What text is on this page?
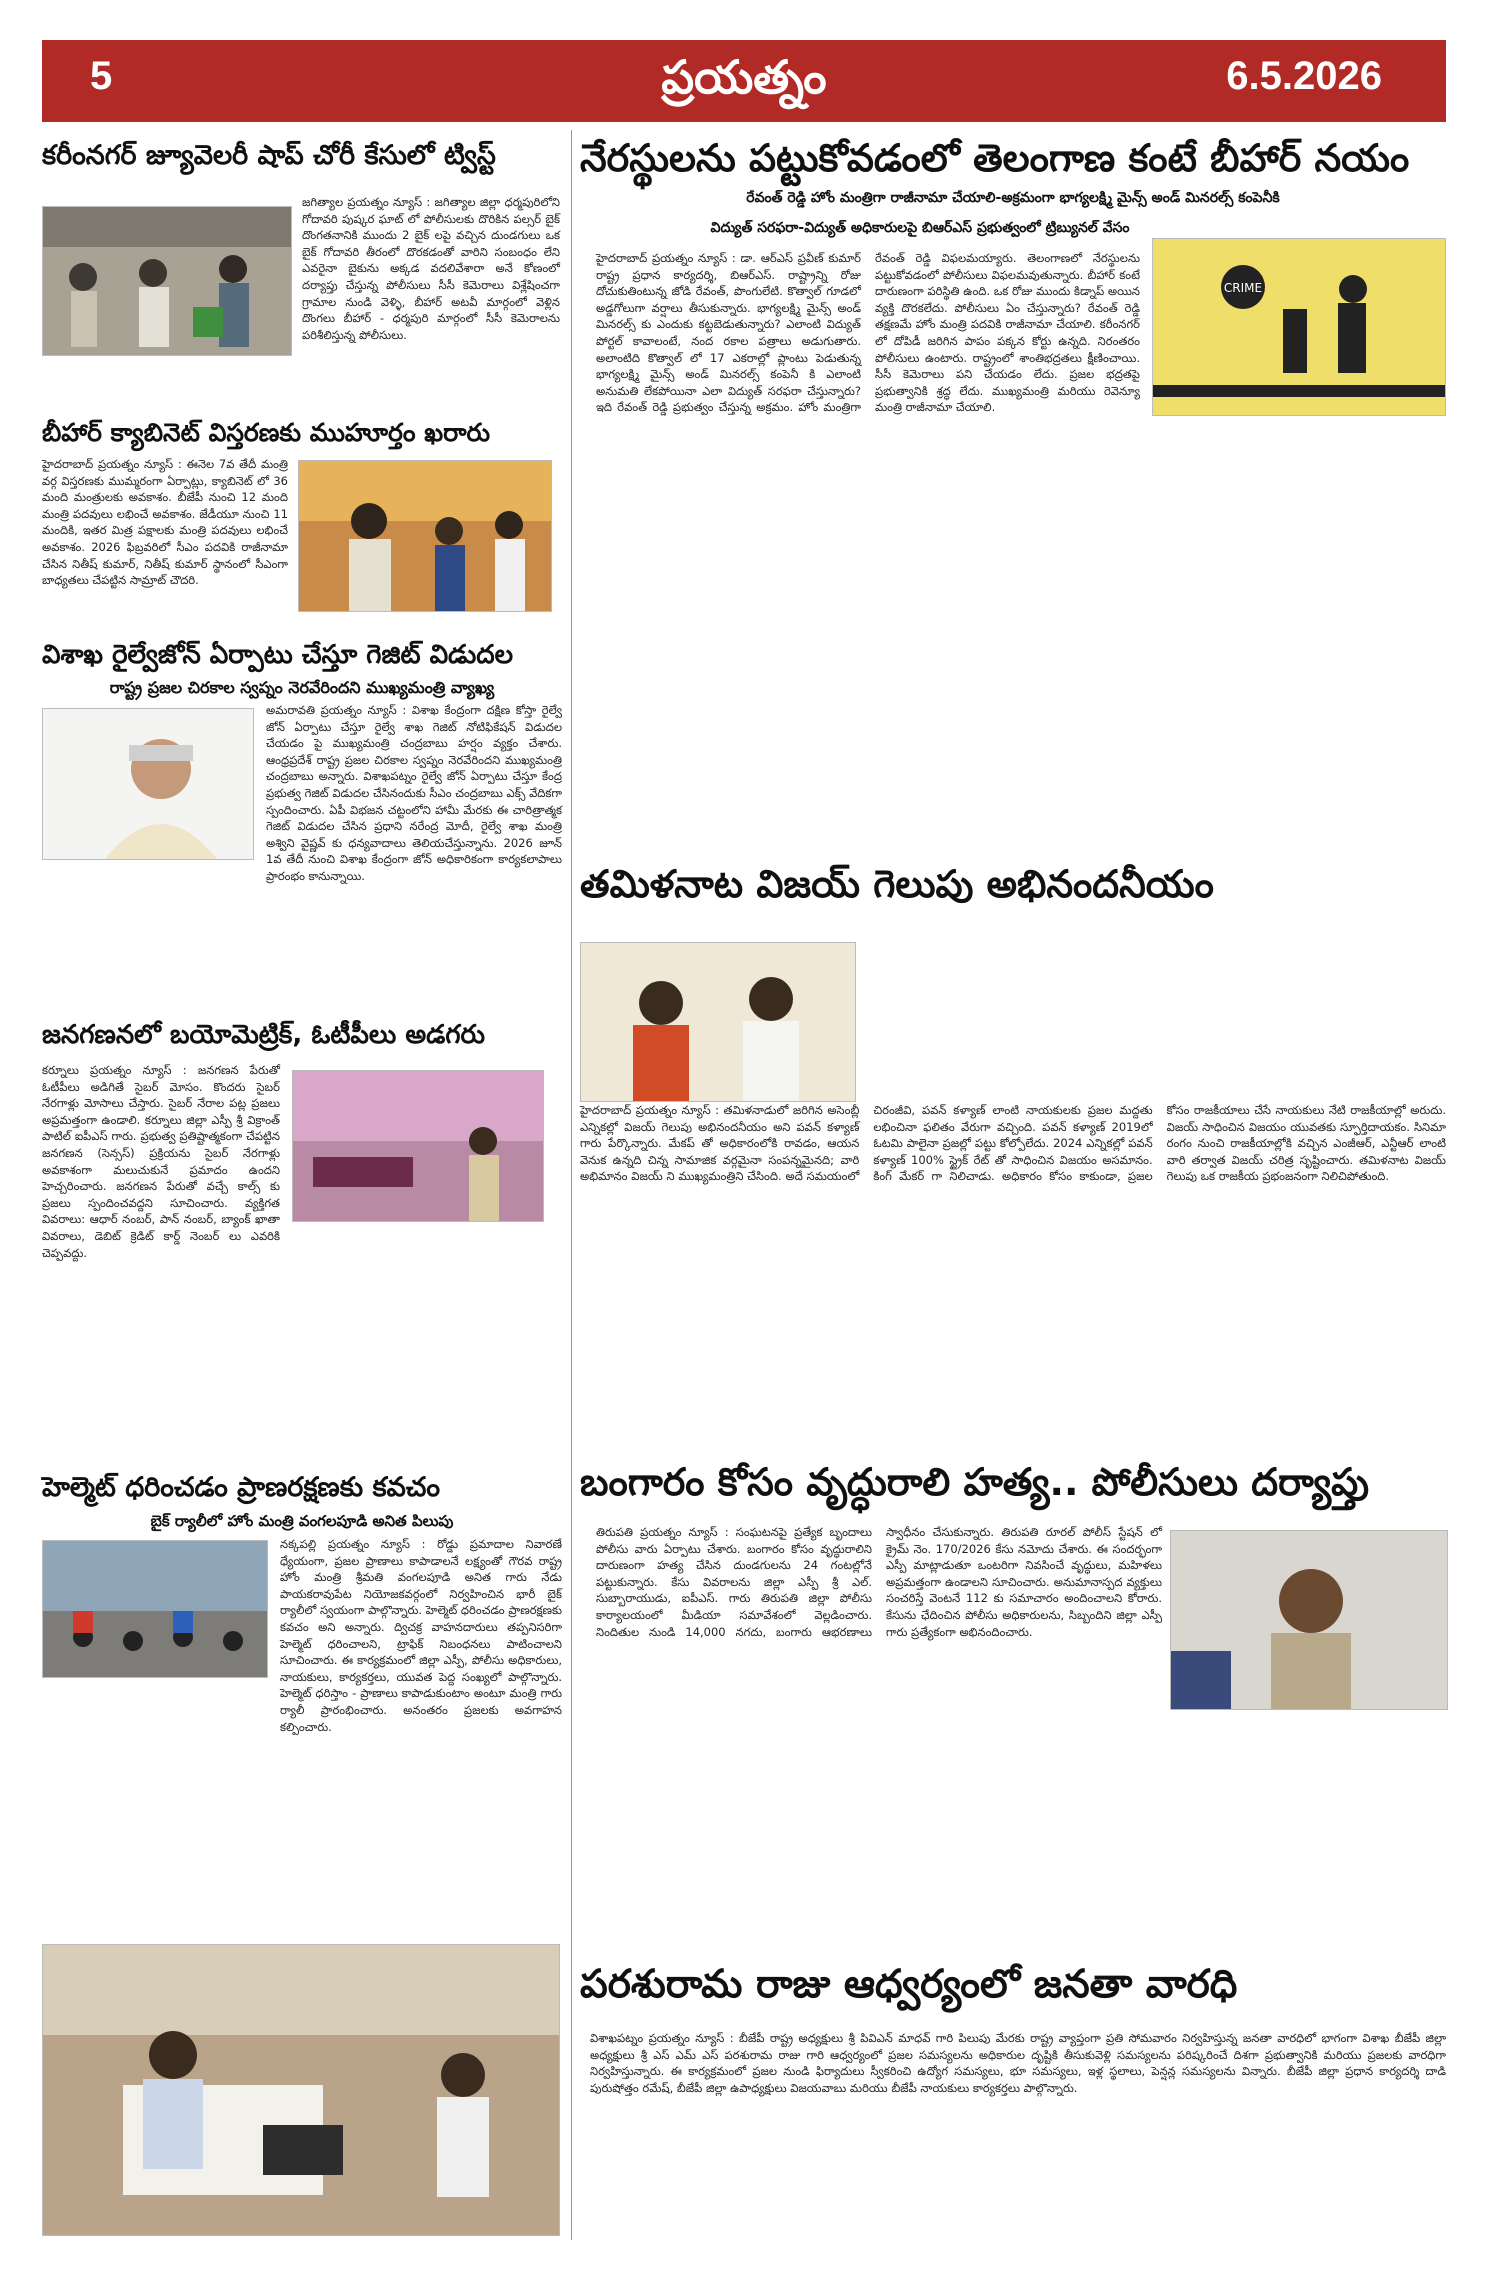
5	ప్రయత్నం	6.5.2026
కరీంనగర్ జ్యూవెలరీ షాప్ చోరీ కేసులో ట్విస్ట్
జగిత్యాల ప్రయత్నం న్యూస్ : జగిత్యాల జిల్లా ధర్మపురిలోని గోదావరి పుష్కర ఘాట్ లో పోలీసులకు దొరికిన పల్సర్ బైక్ దొంగతనానికి ముందు 2 బైక్ లపై వచ్చిన దుండగులు ఒక బైక్ గోదావరి తీరంలో దొరకడంతో వారిని సంబంధం లేని ఎవరైనా బైకును అక్కడ వదలివేశారా అనే కోణంలో దర్యాప్తు చేస్తున్న పోలీసులు సీసీ కెమెరాలు విశ్లేషించగా గ్రామాల నుండి వెళ్ళి, బీహార్ అటవీ మార్గంలో వెళ్లిన దొంగలు బీహార్ - ధర్మపురి మార్గంలో సీసీ కెమెరాలను పరిశీలిస్తున్న పోలీసులు.
బీహార్ క్యాబినెట్ విస్తరణకు ముహూర్తం ఖరారు
హైదరాబాద్ ప్రయత్నం న్యూస్ : ఈనెల 7వ తేదీ మంత్రి వర్గ విస్తరణకు ముమ్మరంగా ఏర్పాట్లు, క్యాబినెట్ లో 36 మంది మంత్రులకు అవకాశం. బీజేపీ నుంచి 12 మంది మంత్రి పదవులు లభించే అవకాశం. జేడీయూ నుంచి 11 మందికి, ఇతర మిత్ర పక్షాలకు మంత్రి పదవులు లభించే అవకాశం. 2026 ఫిబ్రవరిలో సీఎం పదవికి రాజీనామా చేసిన నితీష్ కుమార్, నితీష్ కుమార్ స్థానంలో సీఎంగా బాధ్యతలు చేపట్టిన సామ్రాట్ చౌదరి.
విశాఖ రైల్వేజోన్ ఏర్పాటు చేస్తూ గెజిట్ విడుదల
రాష్ట్ర ప్రజల చిరకాల స్వప్నం నెరవేరిందని ముఖ్యమంత్రి వ్యాఖ్య
అమరావతి ప్రయత్నం న్యూస్ : విశాఖ కేంద్రంగా దక్షిణ కోస్తా రైల్వే జోన్ ఏర్పాటు చేస్తూ రైల్వే శాఖ గెజిట్ నోటిఫికేషన్ విడుదల చేయడం పై ముఖ్యమంత్రి చంద్రబాబు హర్షం వ్యక్తం చేశారు. ఆంధ్రప్రదేశ్ రాష్ట్ర ప్రజల చిరకాల స్వప్నం నెరవేరిందని ముఖ్యమంత్రి చంద్రబాబు అన్నారు. విశాఖపట్నం రైల్వే జోన్ ఏర్పాటు చేస్తూ కేంద్ర ప్రభుత్వ గెజిట్ విడుదల చేసినందుకు సీఎం చంద్రబాబు ఎక్స్ వేదికగా స్పందించారు. ఏపీ విభజన చట్టంలోని హామీ మేరకు ఈ చారిత్రాత్మక గెజిట్ విడుదల చేసిన ప్రధాని నరేంద్ర మోదీ, రైల్వే శాఖ మంత్రి అశ్విని వైష్ణవ్ కు ధన్యవాదాలు తెలియచేస్తున్నాను. 2026 జూన్ 1వ తేదీ నుంచి విశాఖ కేంద్రంగా జోన్ అధికారికంగా కార్యకలాపాలు ప్రారంభం కానున్నాయి.
జనగణనలో బయోమెట్రిక్, ఓటీపీలు అడగరు
కర్నూలు ప్రయత్నం న్యూస్ : జనగణన పేరుతో ఓటీపీలు అడిగితే సైబర్ మోసం. కొందరు సైబర్ నేరగాళ్లు మోసాలు చేస్తారు. సైబర్ నేరాల పట్ల ప్రజలు అప్రమత్తంగా ఉండాలి. కర్నూలు జిల్లా ఎస్పీ శ్రీ విక్రాంత్ పాటిల్ ఐపీఎస్ గారు. ప్రభుత్వ ప్రతిష్టాత్మకంగా చేపట్టిన జనగణన (సెన్సస్) ప్రక్రియను సైబర్ నేరగాళ్లు అవకాశంగా మలుచుకునే ప్రమాదం ఉందని హెచ్చరించారు. జనగణన పేరుతో వచ్చే కాల్స్ కు ప్రజలు స్పందించవద్దని సూచించారు. వ్యక్తిగత వివరాలు: ఆధార్ నంబర్, పాన్ నంబర్, బ్యాంక్ ఖాతా వివరాలు, డెబిట్ క్రెడిట్ కార్డ్ నెంబర్ లు ఎవరికి చెప్పవద్దు.
హెల్మెట్ ధరించడం ప్రాణరక్షణకు కవచం
బైక్ ర్యాలీలో హోం మంత్రి వంగలపూడి అనిత పిలుపు
నక్కపల్లి ప్రయత్నం న్యూస్ : రోడ్డు ప్రమాదాల నివారణే ధ్యేయంగా, ప్రజల ప్రాణాలు కాపాడాలనే లక్ష్యంతో గౌరవ రాష్ట్ర హోం మంత్రి శ్రీమతి వంగలపూడి అనిత గారు నేడు పాయకరావుపేట నియోజకవర్గంలో నిర్వహించిన భారీ బైక్ ర్యాలీలో స్వయంగా పాల్గొన్నారు. హెల్మెట్ ధరించడం ప్రాణరక్షణకు కవచం అని అన్నారు. ద్విచక్ర వాహనదారులు తప్పనిసరిగా హెల్మెట్ ధరించాలని, ట్రాఫిక్ నిబంధనలు పాటించాలని సూచించారు. ఈ కార్యక్రమంలో జిల్లా ఎస్పీ, పోలీసు అధికారులు, నాయకులు, కార్యకర్తలు, యువత పెద్ద సంఖ్యలో పాల్గొన్నారు. హెల్మెట్ ధరిస్తాం - ప్రాణాలు కాపాడుకుంటాం అంటూ మంత్రి గారు ర్యాలీ ప్రారంభించారు. అనంతరం ప్రజలకు అవగాహన కల్పించారు.
నేరస్థులను పట్టుకోవడంలో తెలంగాణ కంటే బీహార్ నయం
రేవంత్ రెడ్డి హోం మంత్రిగా రాజీనామా చేయాలి-అక్రమంగా భాగ్యలక్ష్మి మైన్స్ అండ్ మినరల్స్ కంపెనీకి
విద్యుత్ సరఫరా-విద్యుత్ అధికారులపై బిఆర్ఎస్ ప్రభుత్వంలో ట్రిబ్యునల్ వేసం
హైదరాబాద్ ప్రయత్నం న్యూస్ : డా. ఆర్ఎస్ ప్రవీణ్ కుమార్ రాష్ట్ర ప్రధాన కార్యదర్శి, బిఆర్ఎస్. రాష్ట్రాన్ని రోజు దోచుకుతింటున్న జోడి రేవంత్, పొంగులేటి. కొత్వాల్ గూడలో అడ్డగోలుగా వర్షాలు తీసుకున్నారు. భాగ్యలక్ష్మి మైన్స్ అండ్ మినరల్స్ కు ఎందుకు కట్టబెడుతున్నారు? ఎలాంటి విద్యుత్ పోర్టల్ కావాలంటే, నంద రకాల పత్రాలు అడుగుతారు. అలాంటిది కొత్వాల్ లో 17 ఎకరాల్లో ప్లాంటు పెడుతున్న భాగ్యలక్ష్మి మైన్స్ అండ్ మినరల్స్ కంపెనీ కి ఎలాంటి అనుమతి లేకపోయినా ఎలా విద్యుత్ సరఫరా చేస్తున్నారు? ఇది రేవంత్ రెడ్డి ప్రభుత్వం చేస్తున్న అక్రమం. హోం మంత్రిగా రేవంత్ రెడ్డి విఫలమయ్యారు. తెలంగాణలో నేరస్థులను పట్టుకోవడంలో పోలీసులు విఫలమవుతున్నారు. బీహార్ కంటే దారుణంగా పరిస్థితి ఉంది. ఒక రోజు ముందు కిడ్నాప్ అయిన వ్యక్తి దొరకలేదు. పోలీసులు ఏం చేస్తున్నారు? రేవంత్ రెడ్డి తక్షణమే హోం మంత్రి పదవికి రాజీనామా చేయాలి. కరీంనగర్ లో దోపిడీ జరిగిన పాపం పక్కన కోర్టు ఉన్నది. నిరంతరం పోలీసులు ఉంటారు. రాష్ట్రంలో శాంతిభద్రతలు క్షీణించాయి. సీసీ కెమెరాలు పని చేయడం లేదు. ప్రజల భద్రతపై ప్రభుత్వానికి శ్రద్ధ లేదు. ముఖ్యమంత్రి మరియు రెవెన్యూ మంత్రి రాజీనామా చేయాలి.
CRIME
తమిళనాట విజయ్ గెలుపు అభినందనీయం
హైదరాబాద్ ప్రయత్నం న్యూస్ : తమిళనాడులో జరిగిన అసెంబ్లీ ఎన్నికల్లో విజయ్ గెలుపు అభినందనీయం అని పవన్ కళ్యాణ్ గారు పేర్కొన్నారు. మేకప్ తో అధికారంలోకి రావడం, ఆయన వెనుక ఉన్నది చిన్న సామాజిక వర్గమైనా సంపన్నమైనది; వారి అభిమానం విజయ్ ని ముఖ్యమంత్రిని చేసింది. అదే సమయంలో చిరంజీవి, పవన్ కళ్యాణ్ లాంటి నాయకులకు ప్రజల మద్దతు లభించినా ఫలితం వేరుగా వచ్చింది. పవన్ కళ్యాణ్ 2019లో ఓటమి పాలైనా ప్రజల్లో పట్టు కోల్పోలేదు. 2024 ఎన్నికల్లో పవన్ కళ్యాణ్ 100% స్ట్రైక్ రేట్ తో సాధించిన విజయం అసమానం. కింగ్ మేకర్ గా నిలిచాడు. అధికారం కోసం కాకుండా, ప్రజల కోసం రాజకీయాలు చేసే నాయకులు నేటి రాజకీయాల్లో అరుదు. విజయ్ సాధించిన విజయం యువతకు స్ఫూర్తిదాయకం. సినిమా రంగం నుంచి రాజకీయాల్లోకి వచ్చిన ఎంజీఆర్, ఎన్టీఆర్ లాంటి వారి తర్వాత విజయ్ చరిత్ర సృష్టించారు. తమిళనాట విజయ్ గెలుపు ఒక రాజకీయ ప్రభంజనంగా నిలిచిపోతుంది.
బంగారం కోసం వృద్ధురాలి హత్య.. పోలీసులు దర్యాప్తు
తిరుపతి ప్రయత్నం న్యూస్ : సంఘటనపై ప్రత్యేక బృందాలు పోలీసు వారు ఏర్పాటు చేశారు. బంగారం కోసం వృద్ధురాలిని దారుణంగా హత్య చేసిన దుండగులను 24 గంటల్లోనే పట్టుకున్నారు. కేసు వివరాలను జిల్లా ఎస్పీ శ్రీ ఎల్. సుబ్బారాయుడు, ఐపీఎస్. గారు తిరుపతి జిల్లా పోలీసు కార్యాలయంలో మీడియా సమావేశంలో వెల్లడించారు. నిందితుల నుండి 14,000 నగదు, బంగారు ఆభరణాలు స్వాధీనం చేసుకున్నారు. తిరుపతి రూరల్ పోలీస్ స్టేషన్ లో క్రైమ్ నెం. 170/2026 కేసు నమోదు చేశారు. ఈ సందర్భంగా ఎస్పీ మాట్లాడుతూ ఒంటరిగా నివసించే వృద్ధులు, మహిళలు అప్రమత్తంగా ఉండాలని సూచించారు. అనుమానాస్పద వ్యక్తులు సంచరిస్తే వెంటనే 112 కు సమాచారం అందించాలని కోరారు. కేసును ఛేదించిన పోలీసు అధికారులను, సిబ్బందిని జిల్లా ఎస్పీ గారు ప్రత్యేకంగా అభినందించారు.
పరశురామ రాజు ఆధ్వర్యంలో జనతా వారధి
విశాఖపట్నం ప్రయత్నం న్యూస్ : బీజేపీ రాష్ట్ర అధ్యక్షులు శ్రీ పివిఎన్ మాధవ్ గారి పిలుపు మేరకు రాష్ట్ర వ్యాప్తంగా ప్రతి సోమవారం నిర్వహిస్తున్న జనతా వారధిలో భాగంగా విశాఖ బీజేపీ జిల్లా అధ్యక్షులు శ్రీ ఎస్ ఎమ్ ఎస్ పరశురామ రాజు గారి ఆధ్వర్యంలో ప్రజల సమస్యలను అధికారుల దృష్టికి తీసుకువెళ్లి సమస్యలను పరిష్కరించే దిశగా ప్రభుత్వానికి మరియు ప్రజలకు వారధిగా నిర్వహిస్తున్నారు. ఈ కార్యక్రమంలో ప్రజల నుండి ఫిర్యాదులు స్వీకరించి ఉద్యోగ సమస్యలు, భూ సమస్యలు, ఇళ్ల స్థలాలు, పెన్షన్ల సమస్యలను విన్నారు. బీజేపీ జిల్లా ప్రధాన కార్యదర్శి దాడి పురుషోత్తం రమేష్, బీజేపీ జిల్లా ఉపాధ్యక్షులు విజయవాబు మరియు బీజేపీ నాయకులు కార్యకర్తలు పాల్గొన్నారు.
